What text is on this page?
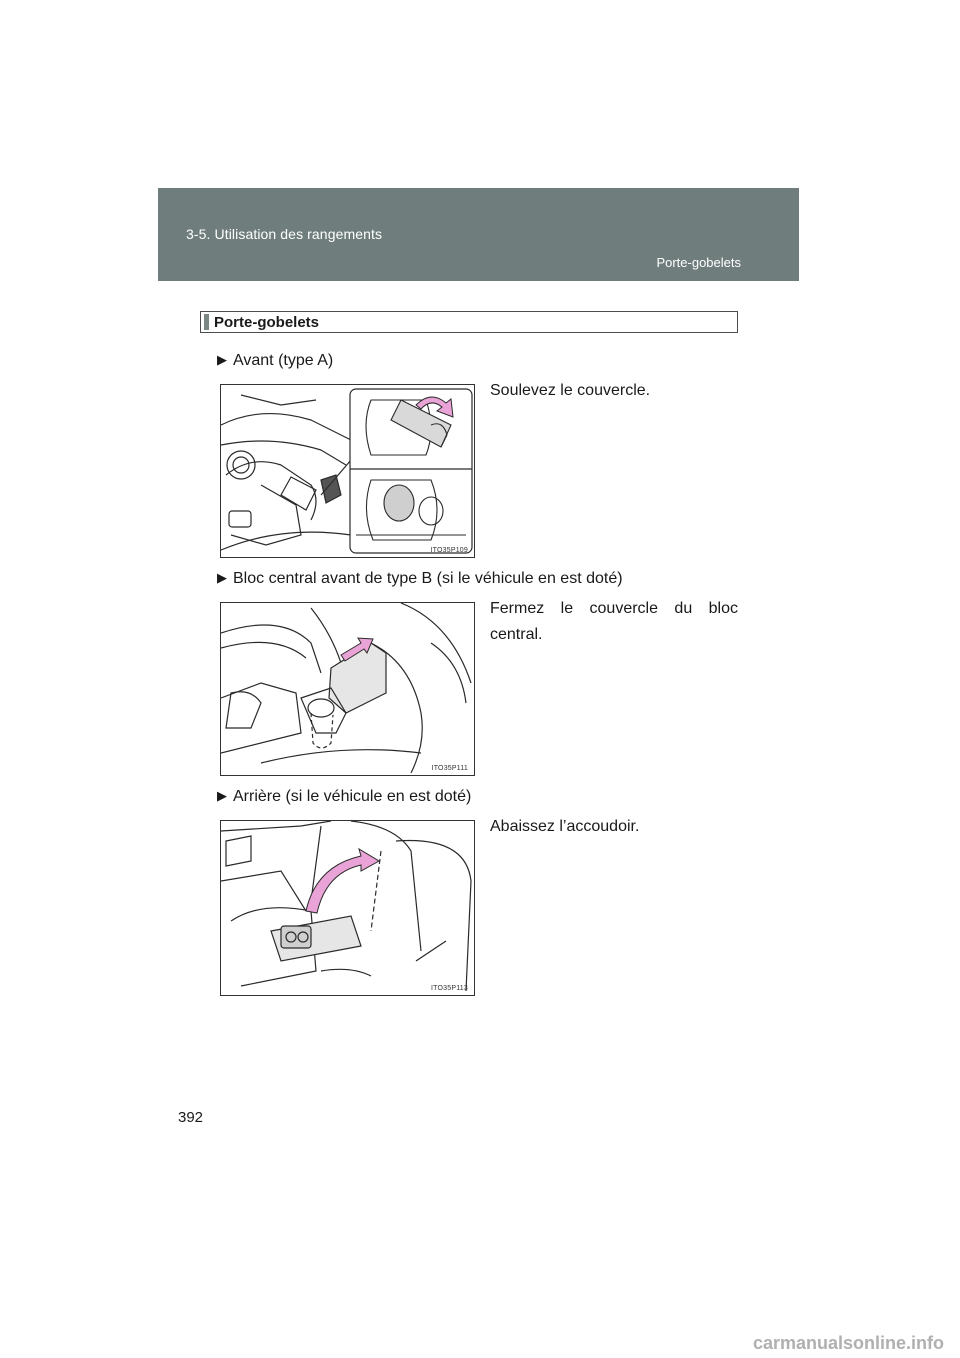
3-5. Utilisation des rangements
Porte-gobelets
392
Porte-gobelets
▶ Avant (type A)
Soulevez le couvercle.
ITO35P109
▶ Bloc central avant de type B (si le véhicule en est doté)
Fermez le couvercle du bloc central.
ITO35P111
▶ Arrière (si le véhicule en est doté)
Abaissez l’accoudoir.
ITO35P113
carmanualsonline.info
